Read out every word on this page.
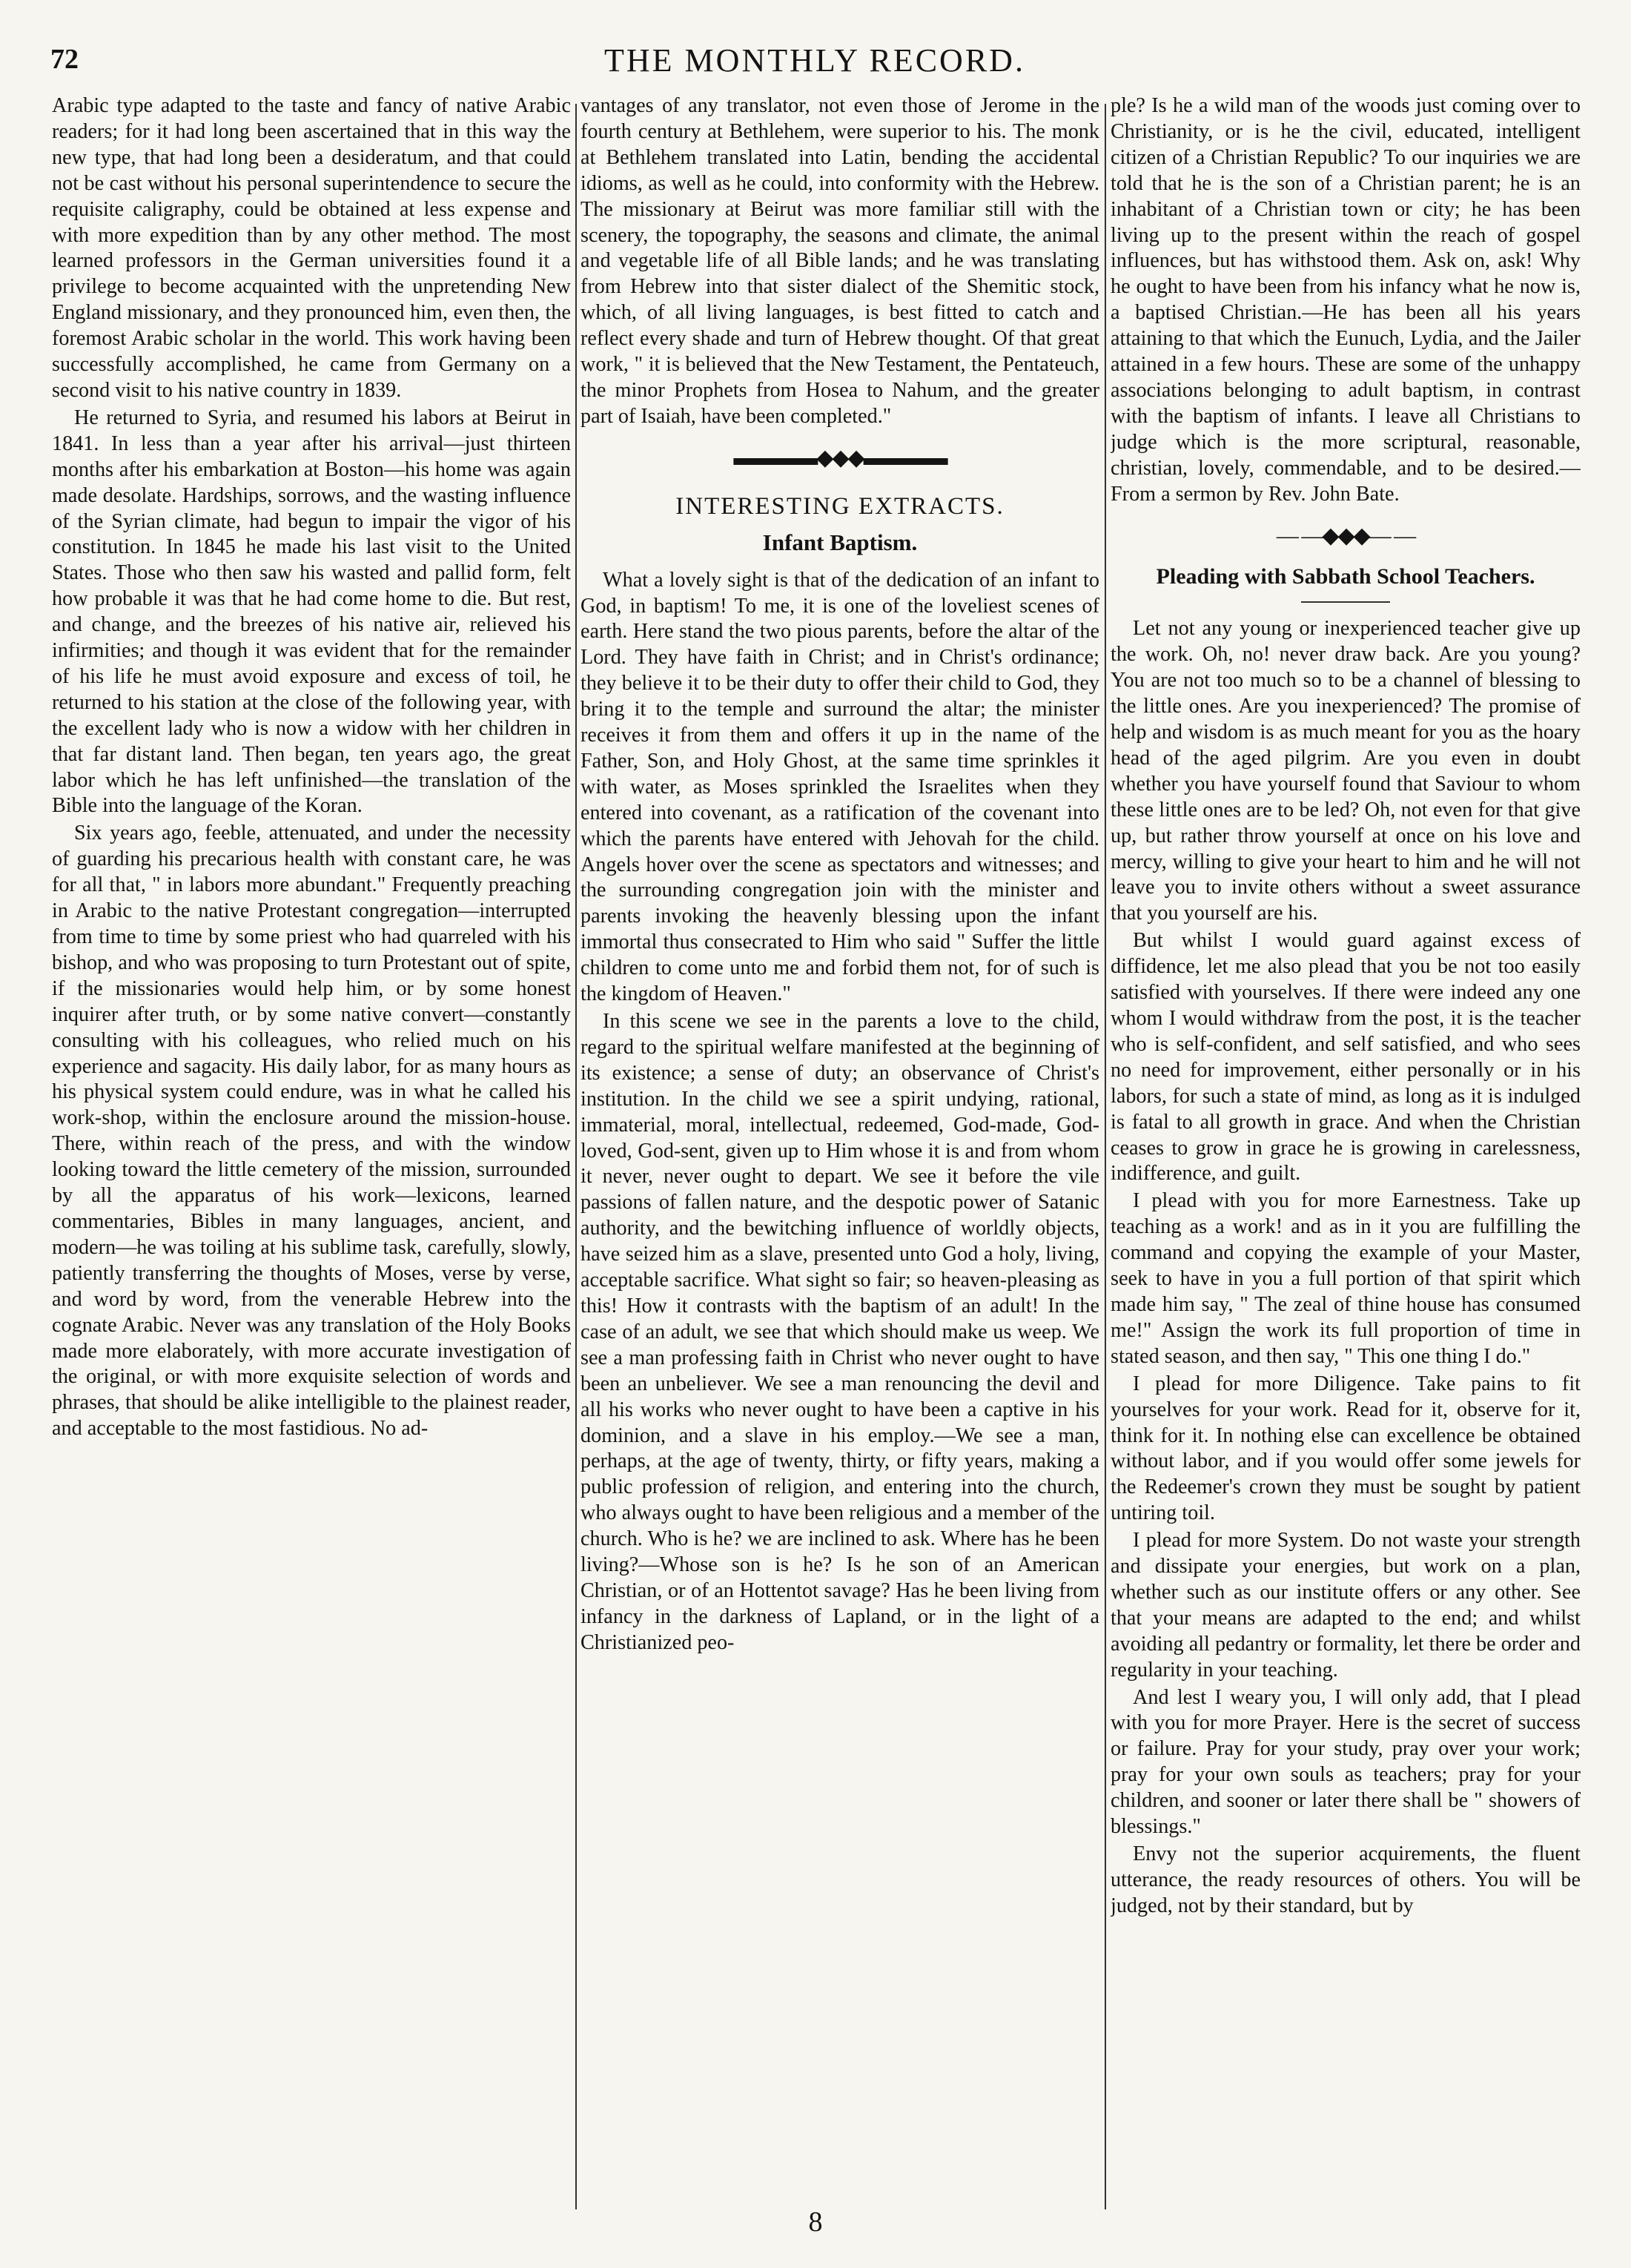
72	THE MONTHLY RECORD.

Arabic type adapted to the taste and fancy of native Arabic readers; for it had long been ascertained that in this way the new type, that had long been a desideratum, and that could not be cast without his personal superintendence to secure the requisite caligraphy, could be obtained at less expense and with more expedition than by any other method. The most learned professors in the German universities found it a privilege to become acquainted with the unpretending New England missionary, and they pronounced him, even then, the foremost Arabic scholar in the world. This work having been successfully accomplished, he came from Germany on a second visit to his native country in 1839.

He returned to Syria, and resumed his labors at Beirut in 1841. In less than a year after his arrival—just thirteen months after his embarkation at Boston—his home was again made desolate. Hardships, sorrows, and the wasting influence of the Syrian climate, had begun to impair the vigor of his constitution. In 1845 he made his last visit to the United States. Those who then saw his wasted and pallid form, felt how probable it was that he had come home to die. But rest, and change, and the breezes of his native air, relieved his infirmities; and though it was evident that for the remainder of his life he must avoid exposure and excess of toil, he returned to his station at the close of the following year, with the excellent lady who is now a widow with her children in that far distant land. Then began, ten years ago, the great labor which he has left unfinished—the translation of the Bible into the language of the Koran.

Six years ago, feeble, attenuated, and under the necessity of guarding his precarious health with constant care, he was for all that, " in labors more abundant." Frequently preaching in Arabic to the native Protestant congregation—interrupted from time to time by some priest who had quarreled with his bishop, and who was proposing to turn Protestant out of spite, if the missionaries would help him, or by some honest inquirer after truth, or by some native convert—constantly consulting with his colleagues, who relied much on his experience and sagacity. His daily labor, for as many hours as his physical system could endure, was in what he called his work-shop, within the enclosure around the mission-house. There, within reach of the press, and with the window looking toward the little cemetery of the mission, surrounded by all the apparatus of his work—lexicons, learned commentaries, Bibles in many languages, ancient, and modern—he was toiling at his sublime task, carefully, slowly, patiently transferring the thoughts of Moses, verse by verse, and word by word, from the venerable Hebrew into the cognate Arabic. Never was any translation of the Holy Books made more elaborately, with more accurate investigation of the original, or with more exquisite selection of words and phrases, that should be alike intelligible to the plainest reader, and acceptable to the most fastidious. No ad-

vantages of any translator, not even those of Jerome in the fourth century at Bethlehem, were superior to his. The monk at Bethlehem translated into Latin, bending the accidental idioms, as well as he could, into conformity with the Hebrew. The missionary at Beirut was more familiar still with the scenery, the topography, the seasons and climate, the animal and vegetable life of all Bible lands; and he was translating from Hebrew into that sister dialect of the Shemitic stock, which, of all living languages, is best fitted to catch and reflect every shade and turn of Hebrew thought. Of that great work, " it is believed that the New Testament, the Pentateuch, the minor Prophets from Hosea to Nahum, and the greater part of Isaiah, have been completed."

▬▬▬▬◆◆◆▬▬▬▬
INTERESTING EXTRACTS.
Infant Baptism.

What a lovely sight is that of the dedication of an infant to God, in baptism! To me, it is one of the loveliest scenes of earth. Here stand the two pious parents, before the altar of the Lord. They have faith in Christ; and in Christ's ordinance; they believe it to be their duty to offer their child to God, they bring it to the temple and surround the altar; the minister receives it from them and offers it up in the name of the Father, Son, and Holy Ghost, at the same time sprinkles it with water, as Moses sprinkled the Israelites when they entered into covenant, as a ratification of the covenant into which the parents have entered with Jehovah for the child. Angels hover over the scene as spectators and witnesses; and the surrounding congregation join with the minister and parents invoking the heavenly blessing upon the infant immortal thus consecrated to Him who said " Suffer the little children to come unto me and forbid them not, for of such is the kingdom of Heaven."

In this scene we see in the parents a love to the child, regard to the spiritual welfare manifested at the beginning of its existence; a sense of duty; an observance of Christ's institution. In the child we see a spirit undying, rational, immaterial, moral, intellectual, redeemed, God-made, God-loved, God-sent, given up to Him whose it is and from whom it never, never ought to depart. We see it before the vile passions of fallen nature, and the despotic power of Satanic authority, and the bewitching influence of worldly objects, have seized him as a slave, presented unto God a holy, living, acceptable sacrifice. What sight so fair; so heaven-pleasing as this! How it contrasts with the baptism of an adult! In the case of an adult, we see that which should make us weep. We see a man professing faith in Christ who never ought to have been an unbeliever. We see a man renouncing the devil and all his works who never ought to have been a captive in his dominion, and a slave in his employ.—We see a man, perhaps, at the age of twenty, thirty, or fifty years, making a public profession of religion, and entering into the church, who always ought to have been religious and a member of the church. Who is he? we are inclined to ask. Where has he been living?—Whose son is he? Is he son of an American Christian, or of an Hottentot savage? Has he been living from infancy in the darkness of Lapland, or in the light of a Christianized peo-

ple? Is he a wild man of the woods just coming over to Christianity, or is he the civil, educated, intelligent citizen of a Christian Republic? To our inquiries we are told that he is the son of a Christian parent; he is an inhabitant of a Christian town or city; he has been living up to the present within the reach of gospel influences, but has withstood them. Ask on, ask! Why he ought to have been from his infancy what he now is, a baptised Christian.—He has been all his years attaining to that which the Eunuch, Lydia, and the Jailer attained in a few hours. These are some of the unhappy associations belonging to adult baptism, in contrast with the baptism of infants. I leave all Christians to judge which is the more scriptural, reasonable, christian, lovely, commendable, and to be desired.—From a sermon by Rev. John Bate.

— —◆◆◆— —
Pleading with Sabbath School Teachers.

Let not any young or inexperienced teacher give up the work. Oh, no! never draw back. Are you young? You are not too much so to be a channel of blessing to the little ones. Are you inexperienced? The promise of help and wisdom is as much meant for you as the hoary head of the aged pilgrim. Are you even in doubt whether you have yourself found that Saviour to whom these little ones are to be led? Oh, not even for that give up, but rather throw yourself at once on his love and mercy, willing to give your heart to him and he will not leave you to invite others without a sweet assurance that you yourself are his.

But whilst I would guard against excess of diffidence, let me also plead that you be not too easily satisfied with yourselves. If there were indeed any one whom I would withdraw from the post, it is the teacher who is self-confident, and self satisfied, and who sees no need for improvement, either personally or in his labors, for such a state of mind, as long as it is indulged is fatal to all growth in grace. And when the Christian ceases to grow in grace he is growing in carelessness, indifference, and guilt.

I plead with you for more Earnestness. Take up teaching as a work! and as in it you are fulfilling the command and copying the example of your Master, seek to have in you a full portion of that spirit which made him say, " The zeal of thine house has consumed me!" Assign the work its full proportion of time in stated season, and then say, " This one thing I do."

I plead for more Diligence. Take pains to fit yourselves for your work. Read for it, observe for it, think for it. In nothing else can excellence be obtained without labor, and if you would offer some jewels for the Redeemer's crown they must be sought by patient untiring toil.

I plead for more System. Do not waste your strength and dissipate your energies, but work on a plan, whether such as our institute offers or any other. See that your means are adapted to the end; and whilst avoiding all pedantry or formality, let there be order and regularity in your teaching.

And lest I weary you, I will only add, that I plead with you for more Prayer. Here is the secret of success or failure. Pray for your study, pray over your work; pray for your own souls as teachers; pray for your children, and sooner or later there shall be " showers of blessings."

Envy not the superior acquirements, the fluent utterance, the ready resources of others. You will be judged, not by their standard, but by

8
